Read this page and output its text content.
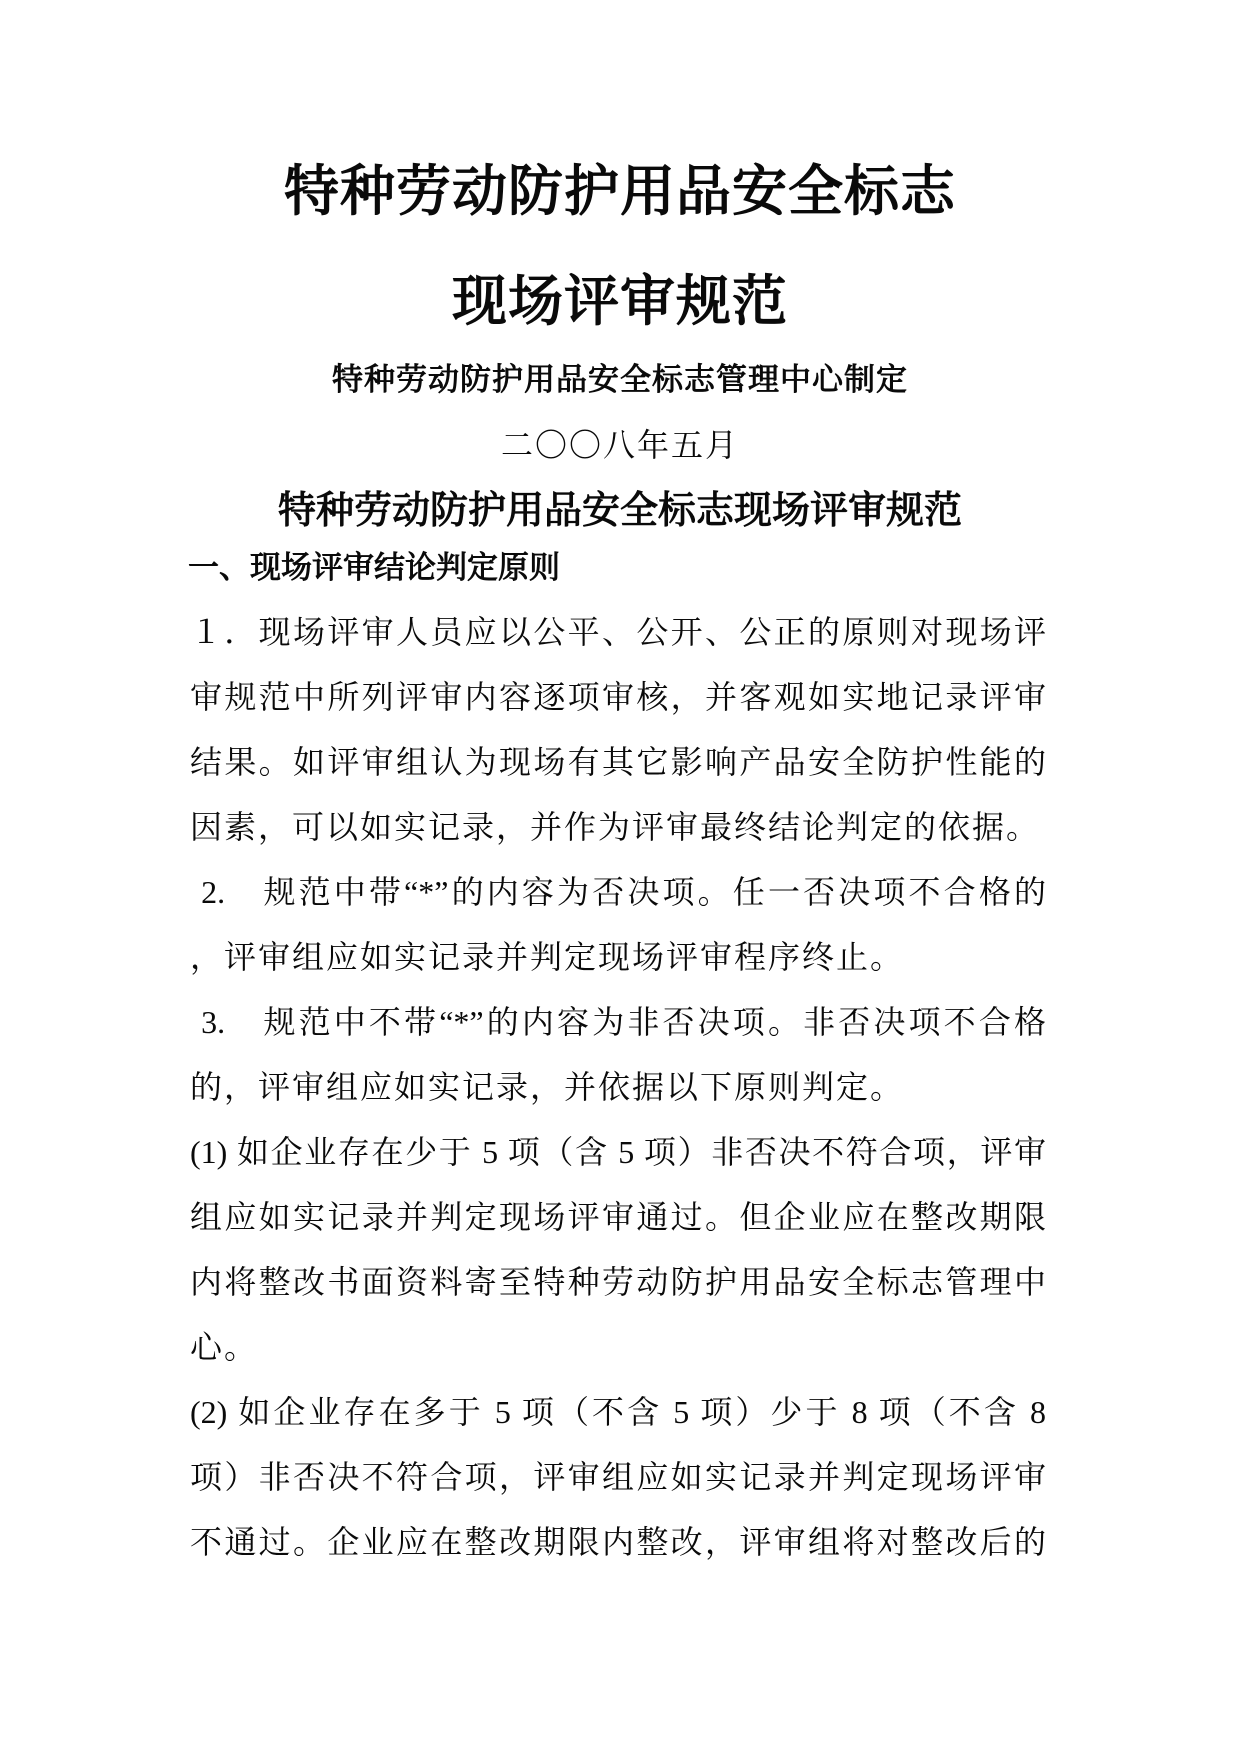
特种劳动防护用品安全标志
现场评审规范
特种劳动防护用品安全标志管理中心制定
二〇〇八年五月
特种劳动防护用品安全标志现场评审规范
一、现场评审结论判定原则
１．现场评审人员应以公平、公开、公正的原则对现场评
审规范中所列评审内容逐项审核，并客观如实地记录评审
结果。如评审组认为现场有其它影响产品安全防护性能的
因素，可以如实记录，并作为评审最终结论判定的依据。
2.　规范中带“*”的内容为否决项。任一否决项不合格的
，评审组应如实记录并判定现场评审程序终止。
3.　规范中不带“*”的内容为非否决项。非否决项不合格
的，评审组应如实记录，并依据以下原则判定。
(1) 如企业存在少于 5 项（含 5 项）非否决不符合项，评审
组应如实记录并判定现场评审通过。但企业应在整改期限
内将整改书面资料寄至特种劳动防护用品安全标志管理中
心。
(2) 如企业存在多于 5 项（不含 5 项）少于 8 项（不含 8
项）非否决不符合项，评审组应如实记录并判定现场评审
不通过。企业应在整改期限内整改，评审组将对整改后的
